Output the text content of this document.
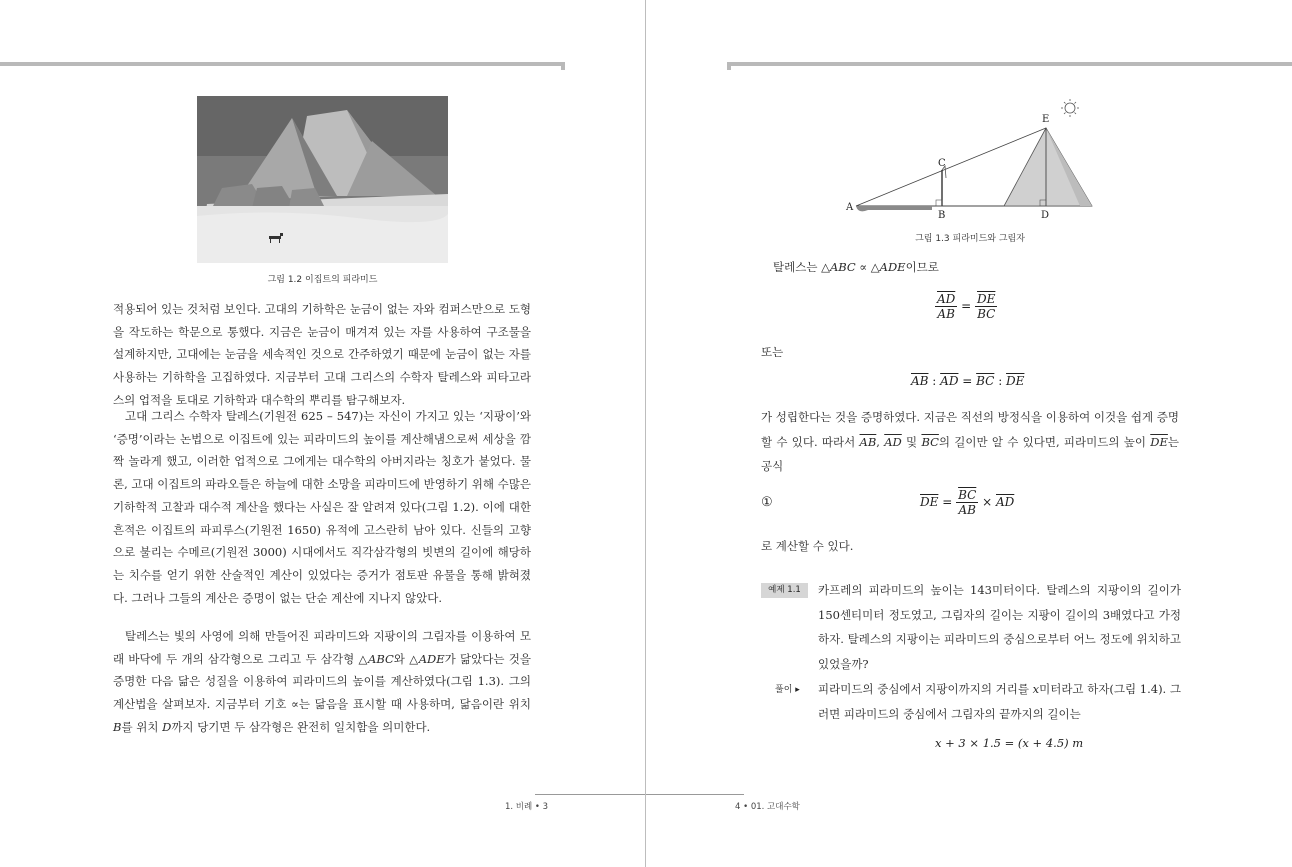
그림 1.2 이집트의 피라미드
적용되어 있는 것처럼 보인다. 고대의 기하학은 눈금이 없는 자와 컴퍼스만으로 도형을 작도하는 학문으로 통했다. 지금은 눈금이 매겨져 있는 자를 사용하여 구조물을 설계하지만, 고대에는 눈금을 세속적인 것으로 간주하였기 때문에 눈금이 없는 자를 사용하는 기하학을 고집하였다. 지금부터 고대 그리스의 수학자 탈레스와 피타고라스의 업적을 토대로 기하학과 대수학의 뿌리를 탐구해보자.
고대 그리스 수학자 탈레스(기원전 625 – 547)는 자신이 가지고 있는 ‘지팡이’와 ‘증명’이라는 논법으로 이집트에 있는 피라미드의 높이를 계산해냄으로써 세상을 깜짝 놀라게 했고, 이러한 업적으로 그에게는 대수학의 아버지라는 칭호가 붙었다. 물론, 고대 이집트의 파라오들은 하늘에 대한 소망을 피라미드에 반영하기 위해 수많은 기하학적 고찰과 대수적 계산을 했다는 사실은 잘 알려져 있다(그림 1.2). 이에 대한 흔적은 이집트의 파피루스(기원전 1650) 유적에 고스란히 남아 있다. 신들의 고향으로 불리는 수메르(기원전 3000) 시대에서도 직각삼각형의 빗변의 길이에 해당하는 치수를 얻기 위한 산술적인 계산이 있었다는 증거가 점토판 유물을 통해 밝혀졌다. 그러나 그들의 계산은 증명이 없는 단순 계산에 지나지 않았다.
탈레스는 빛의 사영에 의해 만들어진 피라미드와 지팡이의 그림자를 이용하여 모래 바닥에 두 개의 삼각형으로 그리고 두 삼각형 △ABC와 △ADE가 닮았다는 것을 증명한 다음 닮은 성질을 이용하여 피라미드의 높이를 계산하였다(그림 1.3). 그의 계산법을 살펴보자. 지금부터 기호 ∝는 닮음을 표시할 때 사용하며, 닮음이란 위치 B를 위치 D까지 당기면 두 삼각형은 완전히 일치함을 의미한다.
1. 비례 • 3
A
B
C
D
E
그림 1.3 피라미드와 그림자
탈레스는 △ABC ∝ △ADE이므로
$\frac{\overline{AD}}{AB} = \frac{\overline{DE}}{BC}$
또는
$\overline{AB}$ : $\overline{AD} = \overline{BC}$ : $\overline{DE}$
가 성립한다는 것을 증명하였다. 지금은 직선의 방정식을 이용하여 이것을 쉽게 증명할 수 있다. 따라서 $\overline{AB}$, $\overline{AD}$ 및 $\overline{BC}$의 길이만 알 수 있다면, 피라미드의 높이 $\overline{DE}$는 공식
①	$\overline{DE} = \frac{\overline{BC}}{AB} \times \overline{AD}$
로 계산할 수 있다.
예제 1.1	카프레의 피라미드의 높이는 143미터이다. 탈레스의 지팡이의 길이가 150센티미터 정도였고, 그림자의 길이는 지팡이 길이의 3배였다고 가정하자. 탈레스의 지팡이는 피라미드의 중심으로부터 어느 정도에 위치하고 있었을까?
풀이 ▸ 피라미드의 중심에서 지팡이까지의 거리를 x미터라고 하자(그림 1.4). 그러면 피라미드의 중심에서 그림자의 끝까지의 길이는
x + 3 × 1.5 = (x + 4.5) m
4 • 01. 고대수학
